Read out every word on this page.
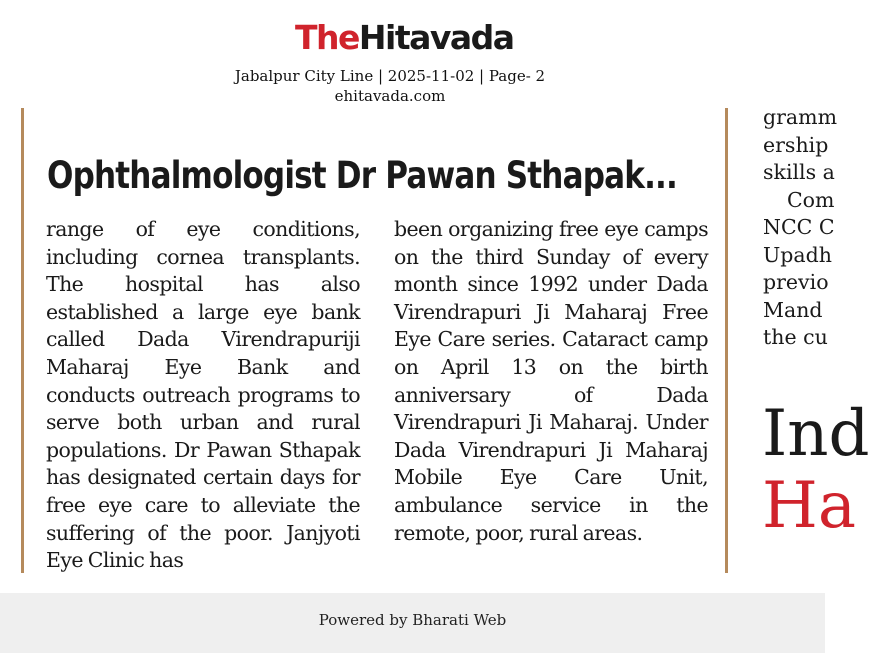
TheHitavada
Jabalpur City Line | 2025-11-02 | Page- 2
ehitavada.com
Ophthalmologist Dr Pawan Sthapak...
range of eye conditions, including cornea transplants. The hospital has also established a large eye bank called Dada Virendrapuriji Maharaj Eye Bank and conducts outreach programs to serve both urban and rural populations. Dr Pawan Sthapak has designated certain days for free eye care to alleviate the suffering of the poor. Janjyoti Eye Clinic has
been organizing free eye camps on the third Sunday of every month since 1992 under Dada Virendrapuri Ji Maharaj Free Eye Care series. Cataract camp on April 13 on the birth anniversary of Dada Virendrapuri Ji Maharaj. Under Dada Virendrapuri Ji Maharaj Mobile Eye Care Unit, ambulance service in the remote, poor, rural areas.
gramm
ership
skills a
Com
NCC C
Upadh
previo
Mand
the cu
Ind
Ha
Powered by Bharati Web
